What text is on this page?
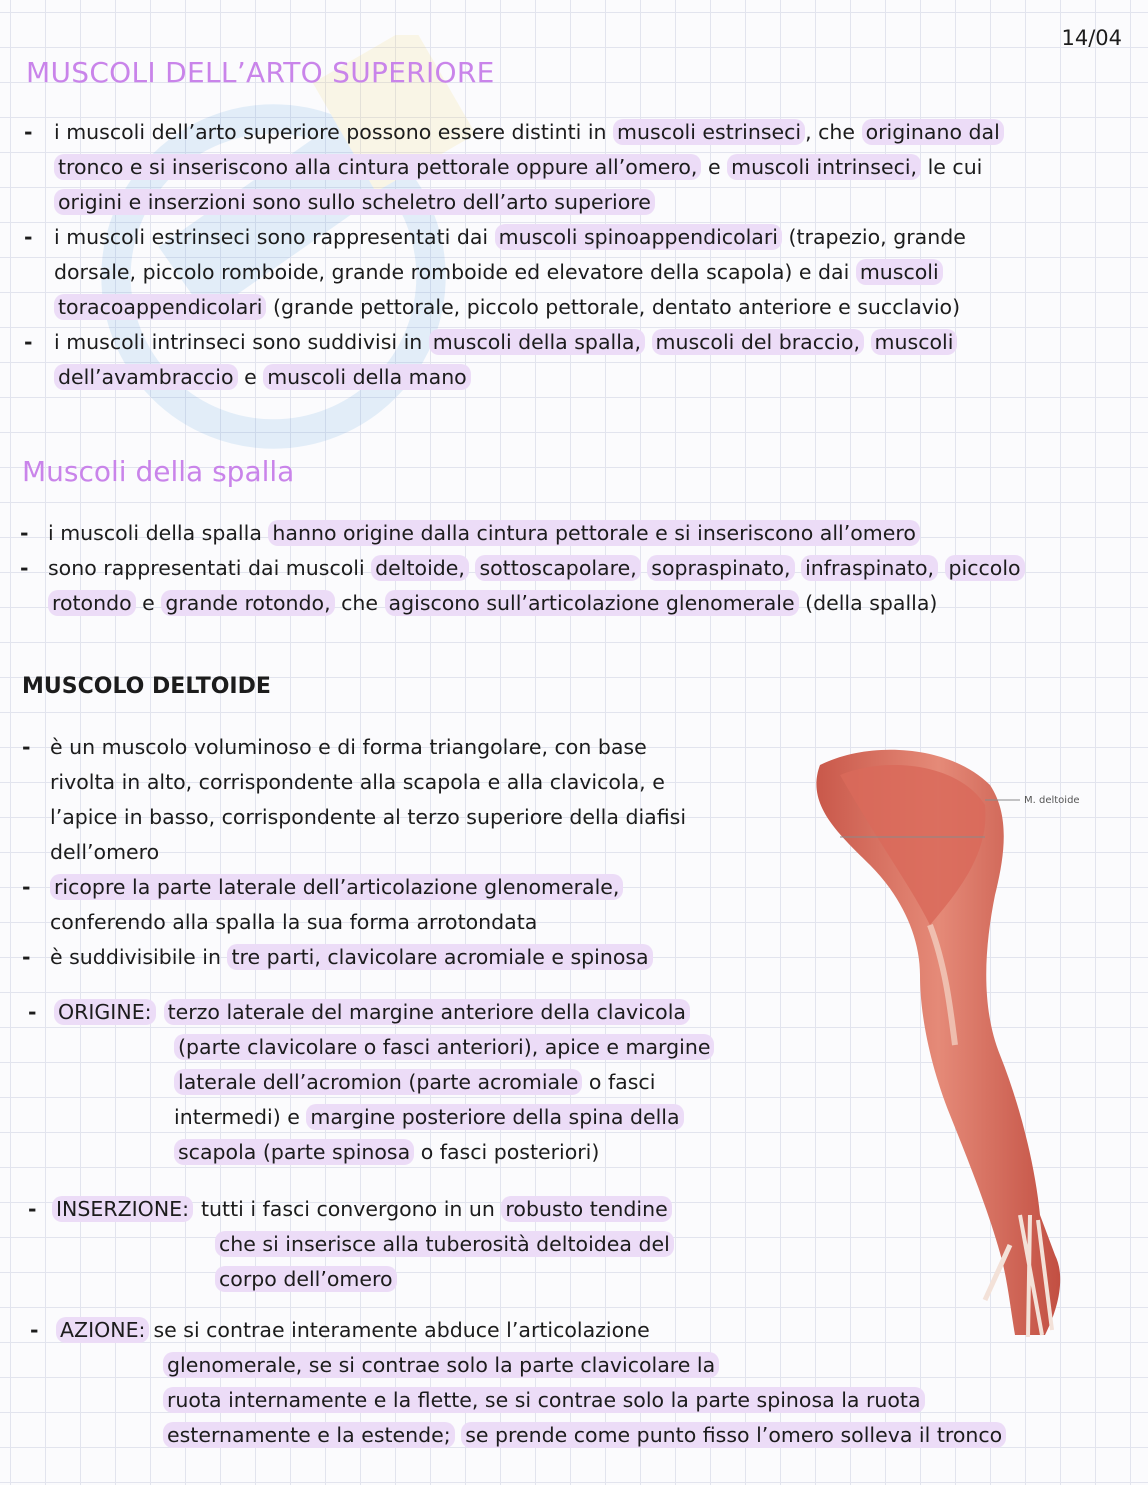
14/04
MUSCOLI DELL’ARTO SUPERIORE
- i muscoli dell’arto superiore possono essere distinti in muscoli estrinseci , che originano dal
tronco e si inseriscono alla cintura pettorale oppure all’omero, e muscoli intrinseci, le cui
origini e inserzioni sono sullo scheletro dell’arto superiore
- i muscoli estrinseci sono rappresentati dai muscoli spinoappendicolari (trapezio, grande
dorsale, piccolo romboide, grande romboide ed elevatore della scapola) e dai muscoli
toracoappendicolari (grande pettorale, piccolo pettorale, dentato anteriore e succlavio)
- i muscoli intrinseci sono suddivisi in muscoli della spalla, muscoli del braccio, muscoli
dell’avambraccio e muscoli della mano
Muscoli della spalla
- i muscoli della spalla hanno origine dalla cintura pettorale e si inseriscono all’omero
- sono rappresentati dai muscoli deltoide, sottoscapolare, sopraspinato, infraspinato, piccolo
rotondo e grande rotondo, che agiscono sull’articolazione glenomerale (della spalla)
MUSCOLO DELTOIDE
- è un muscolo voluminoso e di forma triangolare, con base
rivolta in alto, corrispondente alla scapola e alla clavicola, e
l’apice in basso, corrispondente al terzo superiore della diafisi
dell’omero
- ricopre la parte laterale dell’articolazione glenomerale,
conferendo alla spalla la sua forma arrotondata
- è suddivisibile in tre parti, clavicolare acromiale e spinosa
- ORIGINE: terzo laterale del margine anteriore della clavicola
(parte clavicolare o fasci anteriori), apice e margine
laterale dell’acromion (parte acromiale o fasci
intermedi) e margine posteriore della spina della
scapola (parte spinosa o fasci posteriori)
- INSERZIONE: tutti i fasci convergono in un robusto tendine
che si inserisce alla tuberosità deltoidea del
corpo dell’omero
- AZIONE: se si contrae interamente abduce l’articolazione
glenomerale, se si contrae solo la parte clavicolare la
ruota internamente e la flette, se si contrae solo la parte spinosa la ruota
esternamente e la estende; se prende come punto fisso l’omero solleva il tronco
M. deltoide
